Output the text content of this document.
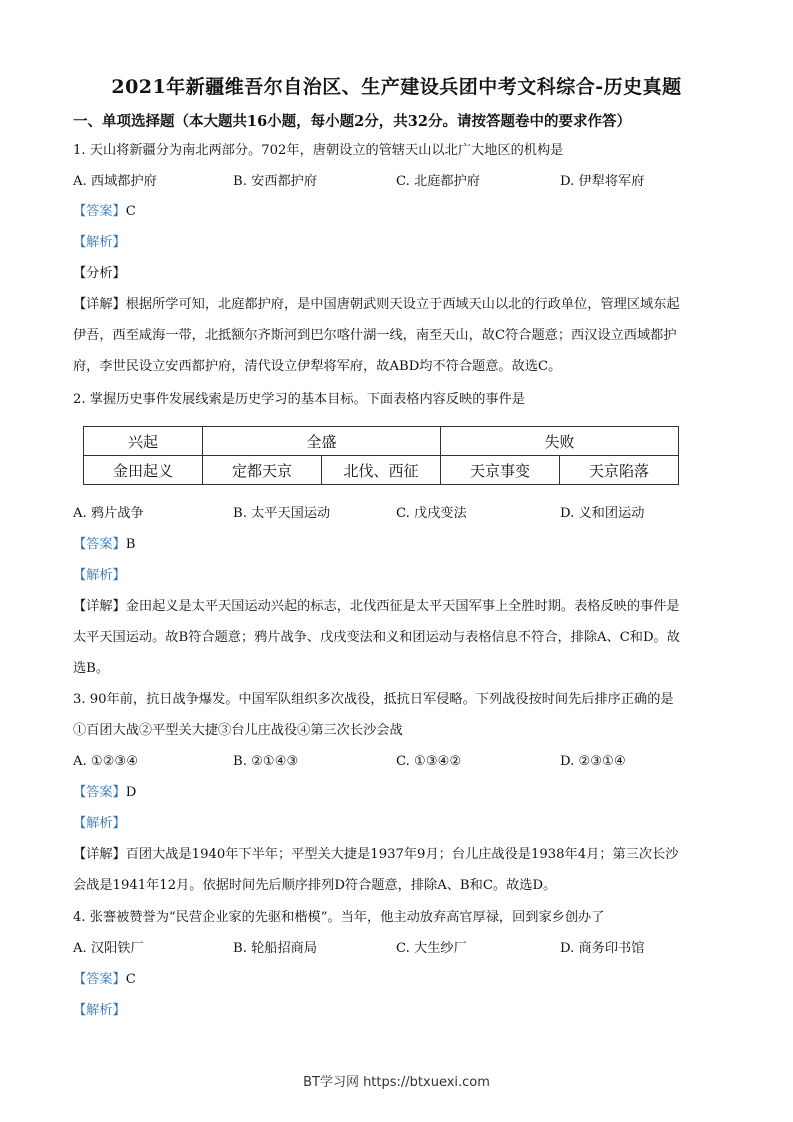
2021年新疆维吾尔自治区、生产建设兵团中考文科综合-历史真题
一、单项选择题（本大题共16小题，每小题2分，共32分。请按答题卷中的要求作答）
1. 天山将新疆分为南北两部分。702年，唐朝设立的管辖天山以北广大地区的机构是
A. 西域都护府	B. 安西都护府	C. 北庭都护府	D. 伊犁将军府
【答案】C
【解析】
【分析】
【详解】根据所学可知，北庭都护府，是中国唐朝武则天设立于西域天山以北的行政单位，管理区域东起
伊吾，西至咸海一带，北抵额尔齐斯河到巴尔喀什湖一线，南至天山，故C符合题意；西汉设立西域都护
府，李世民设立安西都护府，清代设立伊犁将军府，故ABD均不符合题意。故选C。
2. 掌握历史事件发展线索是历史学习的基本目标。下面表格内容反映的事件是
兴起	全盛		失败	
金田起义	定都天京	北伐、西征	天京事变	天京陷落
A. 鸦片战争	B. 太平天国运动	C. 戊戌变法	D. 义和团运动
【答案】B
【解析】
【详解】金田起义是太平天国运动兴起的标志，北伐西征是太平天国军事上全胜时期。表格反映的事件是
太平天国运动。故B符合题意；鸦片战争、戊戌变法和义和团运动与表格信息不符合，排除A、C和D。故
选B。
3. 90年前，抗日战争爆发。中国军队组织多次战役，抵抗日军侵略。下列战役按时间先后排序正确的是
①百团大战②平型关大捷③台儿庄战役④第三次长沙会战
A. ①②③④	B. ②①④③	C. ①③④②	D. ②③①④
【答案】D
【解析】
【详解】百团大战是1940年下半年；平型关大捷是1937年9月；台儿庄战役是1938年4月；第三次长沙
会战是1941年12月。依据时间先后顺序排列D符合题意，排除A、B和C。故选D。
4. 张謇被赞誉为“民营企业家的先驱和楷模”。当年，他主动放弃高官厚禄，回到家乡创办了
A. 汉阳铁厂	B. 轮船招商局	C. 大生纱厂	D. 商务印书馆
【答案】C
【解析】
BT学习网 https://btxuexi.com
